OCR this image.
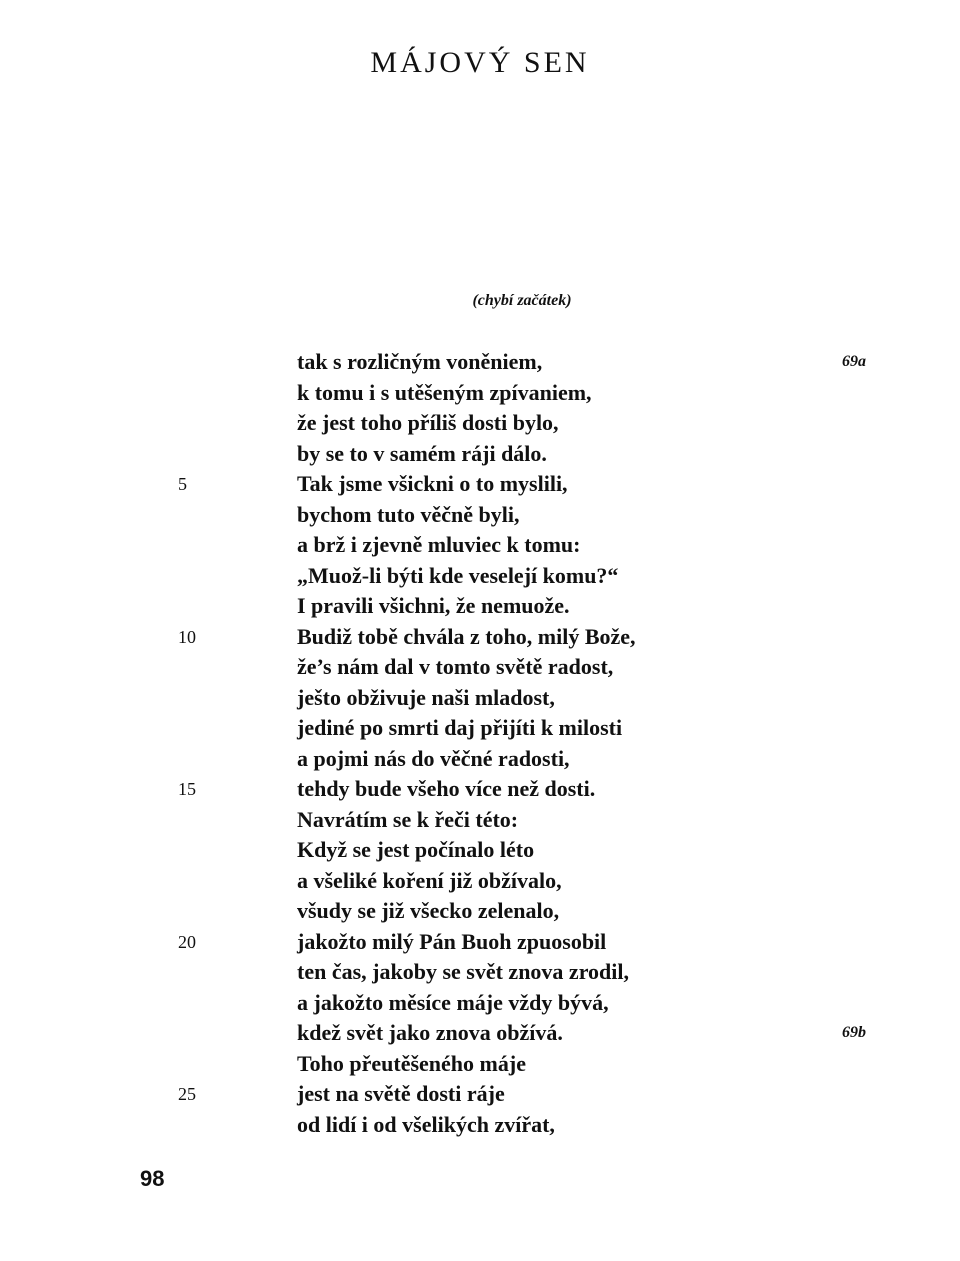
MÁJOVÝ SEN
(chybí začátek)
tak s rozličným voněniem,	69a
k tomu i s utěšeným zpívaniem,
že jest toho příliš dosti bylo,
by se to v samém ráji dálo.
5	Tak jsme všickni o to myslili,
bychom tuto věčně byli,
a brž i zjevně mluviec k tomu:
„Muož-li býti kde veselejí komu?“
I pravili všichni, že nemuože.
10	Budiž tobě chvála z toho, milý Bože,
že’s nám dal v tomto světě radost,
ješto obživuje naši mladost,
jediné po smrti daj přijíti k milosti
a pojmi nás do věčné radosti,
15	tehdy bude všeho více než dosti.
Navrátím se k řeči této:
Když se jest počínalo léto
a všeliké koření již obžívalo,
všudy se již všecko zelenalo,
20	jakožto milý Pán Buoh zpuosobil
ten čas, jakoby se svět znova zrodil,
a jakožto měsíce máje vždy bývá,
kdež svět jako znova obžívá.	69b
Toho přeutěšeného máje
25	jest na světě dosti ráje
od lidí i od všelikých zvířat,
98
